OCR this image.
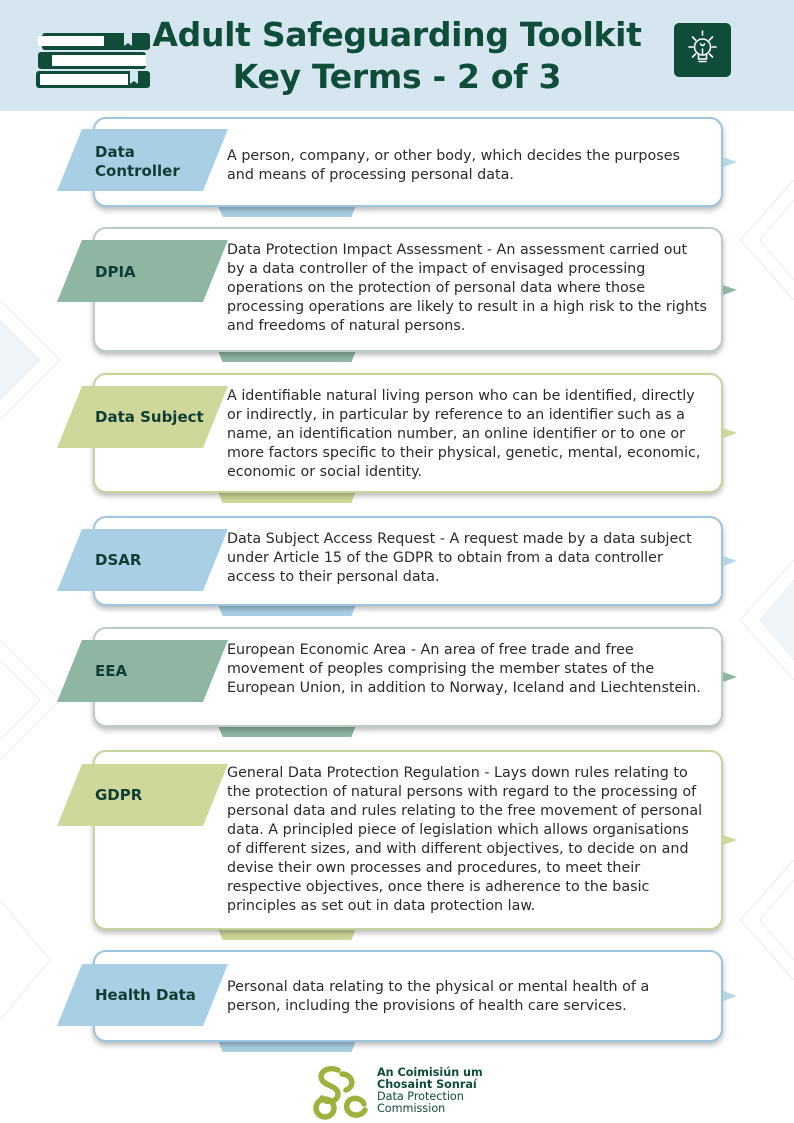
Adult Safeguarding Toolkit
Key Terms - 2 of 3
Data Controller
A person, company, or other body, which decides the purposes and means of processing personal data.
DPIA
Data Protection Impact Assessment - An assessment carried out by a data controller of the impact of envisaged processing operations on the protection of personal data where those processing operations are likely to result in a high risk to the rights and freedoms of natural persons.
Data Subject
A identifiable natural living person who can be identified, directly or indirectly, in particular by reference to an identifier such as a name, an identification number, an online identifier or to one or more factors specific to their physical, genetic, mental, economic, economic or social identity.
DSAR
Data Subject Access Request - A request made by a data subject under Article 15 of the GDPR to obtain from a data controller access to their personal data.
EEA
European Economic Area - An area of free trade and free movement of peoples comprising the member states of the European Union, in addition to Norway, Iceland and Liechtenstein.
GDPR
General Data Protection Regulation - Lays down rules relating to the protection of natural persons with regard to the processing of personal data and rules relating to the free movement of personal data. A principled piece of legislation which allows organisations of different sizes, and with different objectives, to decide on and devise their own processes and procedures, to meet their respective objectives, once there is adherence to the basic principles as set out in data protection law.
Health Data	Personal data relating to the physical or mental health of a person, including the provisions of health care services.
An Coimisiún um
Chosaint Sonraí
Data Protection
Commission
